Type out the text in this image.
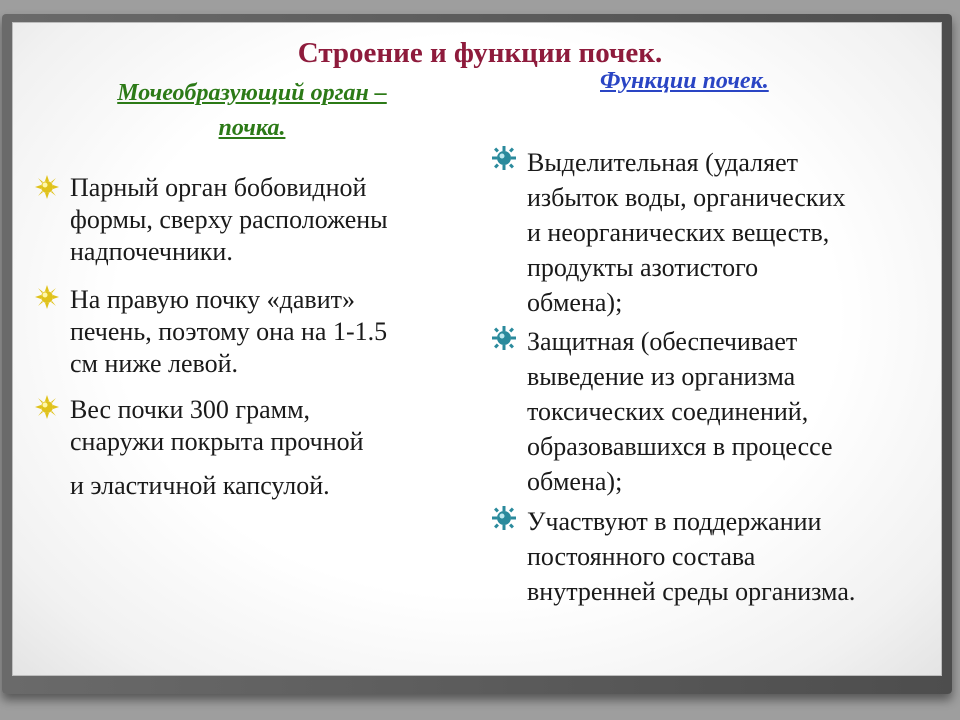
Строение и функции почек.
Мочеобразующий орган –
почка.
Функции почек.
Парный орган бобовидной
формы, сверху расположены
надпочечники.
На правую почку «давит»
печень, поэтому она на 1-1.5
см ниже левой.
Вес почки 300 грамм,
снаружи покрыта прочной
и эластичной капсулой.
Выделительная (удаляет
избыток воды, органических
и неорганических веществ,
продукты азотистого
обмена);
Защитная (обеспечивает
выведение из организма
токсических соединений,
образовавшихся в процессе
обмена);
Участвуют в поддержании
постоянного состава
внутренней среды организма.
